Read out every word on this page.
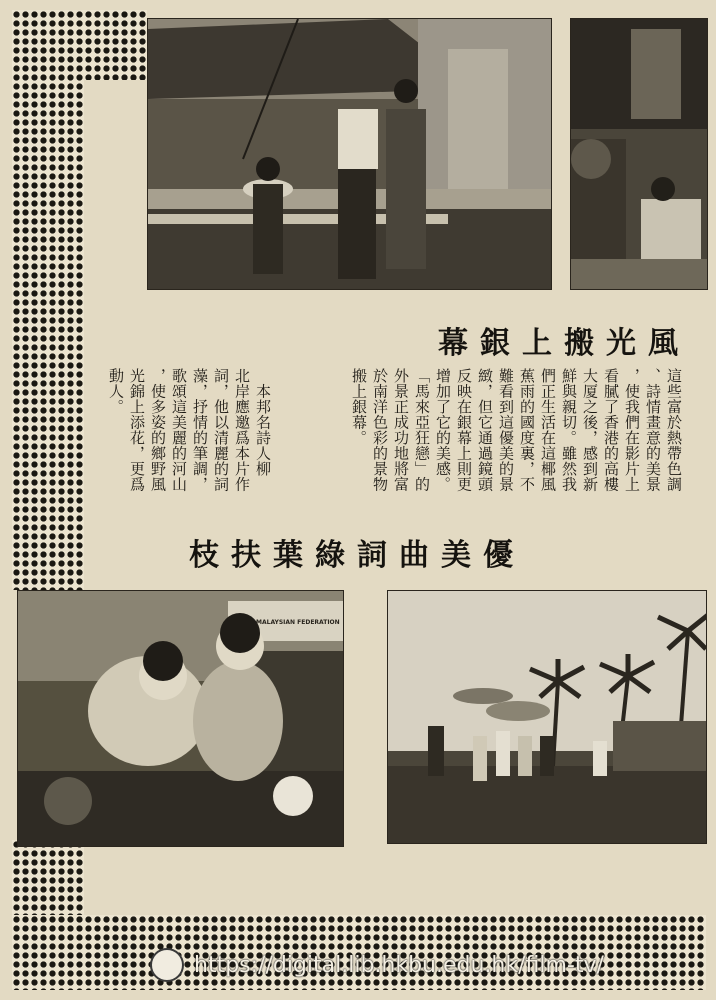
風光搬上銀幕
這些富於熱帶色調
、詩情畫意的美景
，使我們在影片上
看膩了香港的高樓
大厦之後，感到新
鮮與親切。雖然我
們正生活在這椰風
蕉雨的國度裏，不
難看到這優美的景
緻，但它通過鏡頭
反映在銀幕上則更
增加了它的美感。
「馬來亞狂戀」的
外景正成功地將富
於南洋色彩的景物
搬上銀幕。
　本邦名詩人柳
北岸應邀爲本片作
詞，他以清麗的詞
藻，抒情的筆調，
歌頌這美麗的河山
，使多姿的鄉野風
光錦上添花，更爲
動人。
優美曲詞綠葉扶枝
MALAYSIAN FEDERATION
https://digital.lib.hkbu.edu.hk/film-tv/
